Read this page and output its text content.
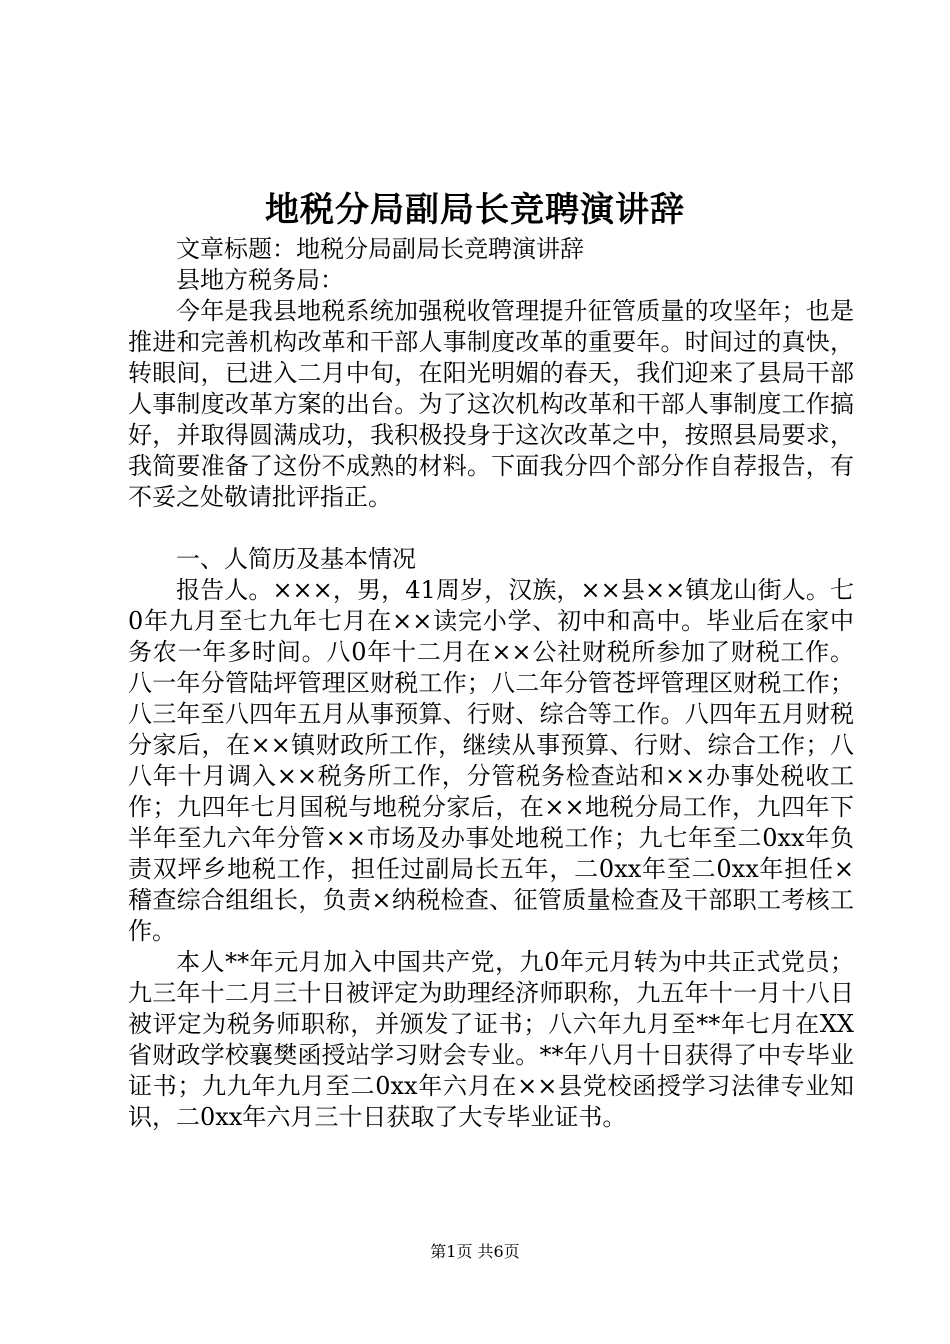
地税分局副局长竞聘演讲辞

文章标题：地税分局副局长竞聘演讲辞

县地方税务局：

今年是我县地税系统加强税收管理提升征管质量的攻坚年；也是推进和完善机构改革和干部人事制度改革的重要年。时间过的真快，转眼间，已进入二月中旬，在阳光明媚的春天，我们迎来了县局干部人事制度改革方案的出台。为了这次机构改革和干部人事制度工作搞好，并取得圆满成功，我积极投身于这次改革之中，按照县局要求，我简要准备了这份不成熟的材料。下面我分四个部分作自荐报告，有不妥之处敬请批评指正。

一、人简历及基本情况

报告人。×××，男，41周岁，汉族，××县××镇龙山街人。七0年九月至七九年七月在××读完小学、初中和高中。毕业后在家中务农一年多时间。八0年十二月在××公社财税所参加了财税工作。八一年分管陆坪管理区财税工作；八二年分管苍坪管理区财税工作；八三年至八四年五月从事预算、行财、综合等工作。八四年五月财税分家后，在××镇财政所工作，继续从事预算、行财、综合工作；八八年十月调入××税务所工作，分管税务检查站和××办事处税收工作；九四年七月国税与地税分家后，在××地税分局工作，九四年下半年至九六年分管××市场及办事处地税工作；九七年至二0xx年负责双坪乡地税工作，担任过副局长五年，二0xx年至二0xx年担任×稽查综合组组长，负责×纳税检查、征管质量检查及干部职工考核工作。

本人**年元月加入中国共产党，九0年元月转为中共正式党员；九三年十二月三十日被评定为助理经济师职称，九五年十一月十八日被评定为税务师职称，并颁发了证书；八六年九月至**年七月在XX省财政学校襄樊函授站学习财会专业。**年八月十日获得了中专毕业证书；九九年九月至二0xx年六月在××县党校函授学习法律专业知识，二0xx年六月三十日获取了大专毕业证书。

第1页 共6页
